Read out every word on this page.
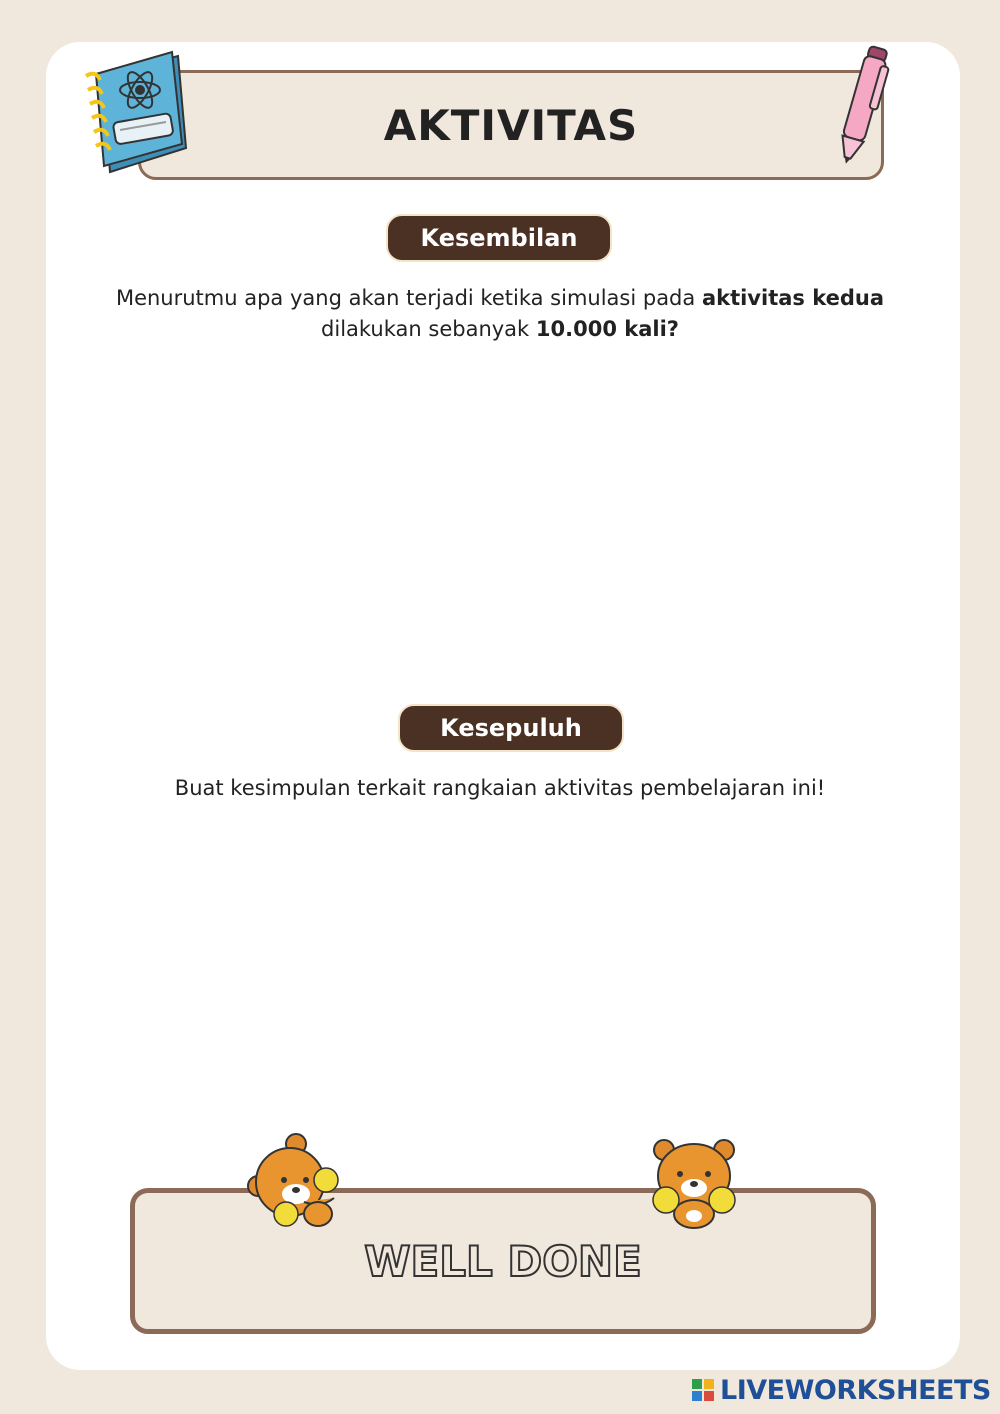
AKTIVITAS
Kesembilan
Menurutmu apa yang akan terjadi ketika simulasi pada aktivitas kedua dilakukan sebanyak 10.000 kali?
Kesepuluh
Buat kesimpulan terkait rangkaian aktivitas pembelajaran ini!
WELL DONE
LIVEWORKSHEETS
